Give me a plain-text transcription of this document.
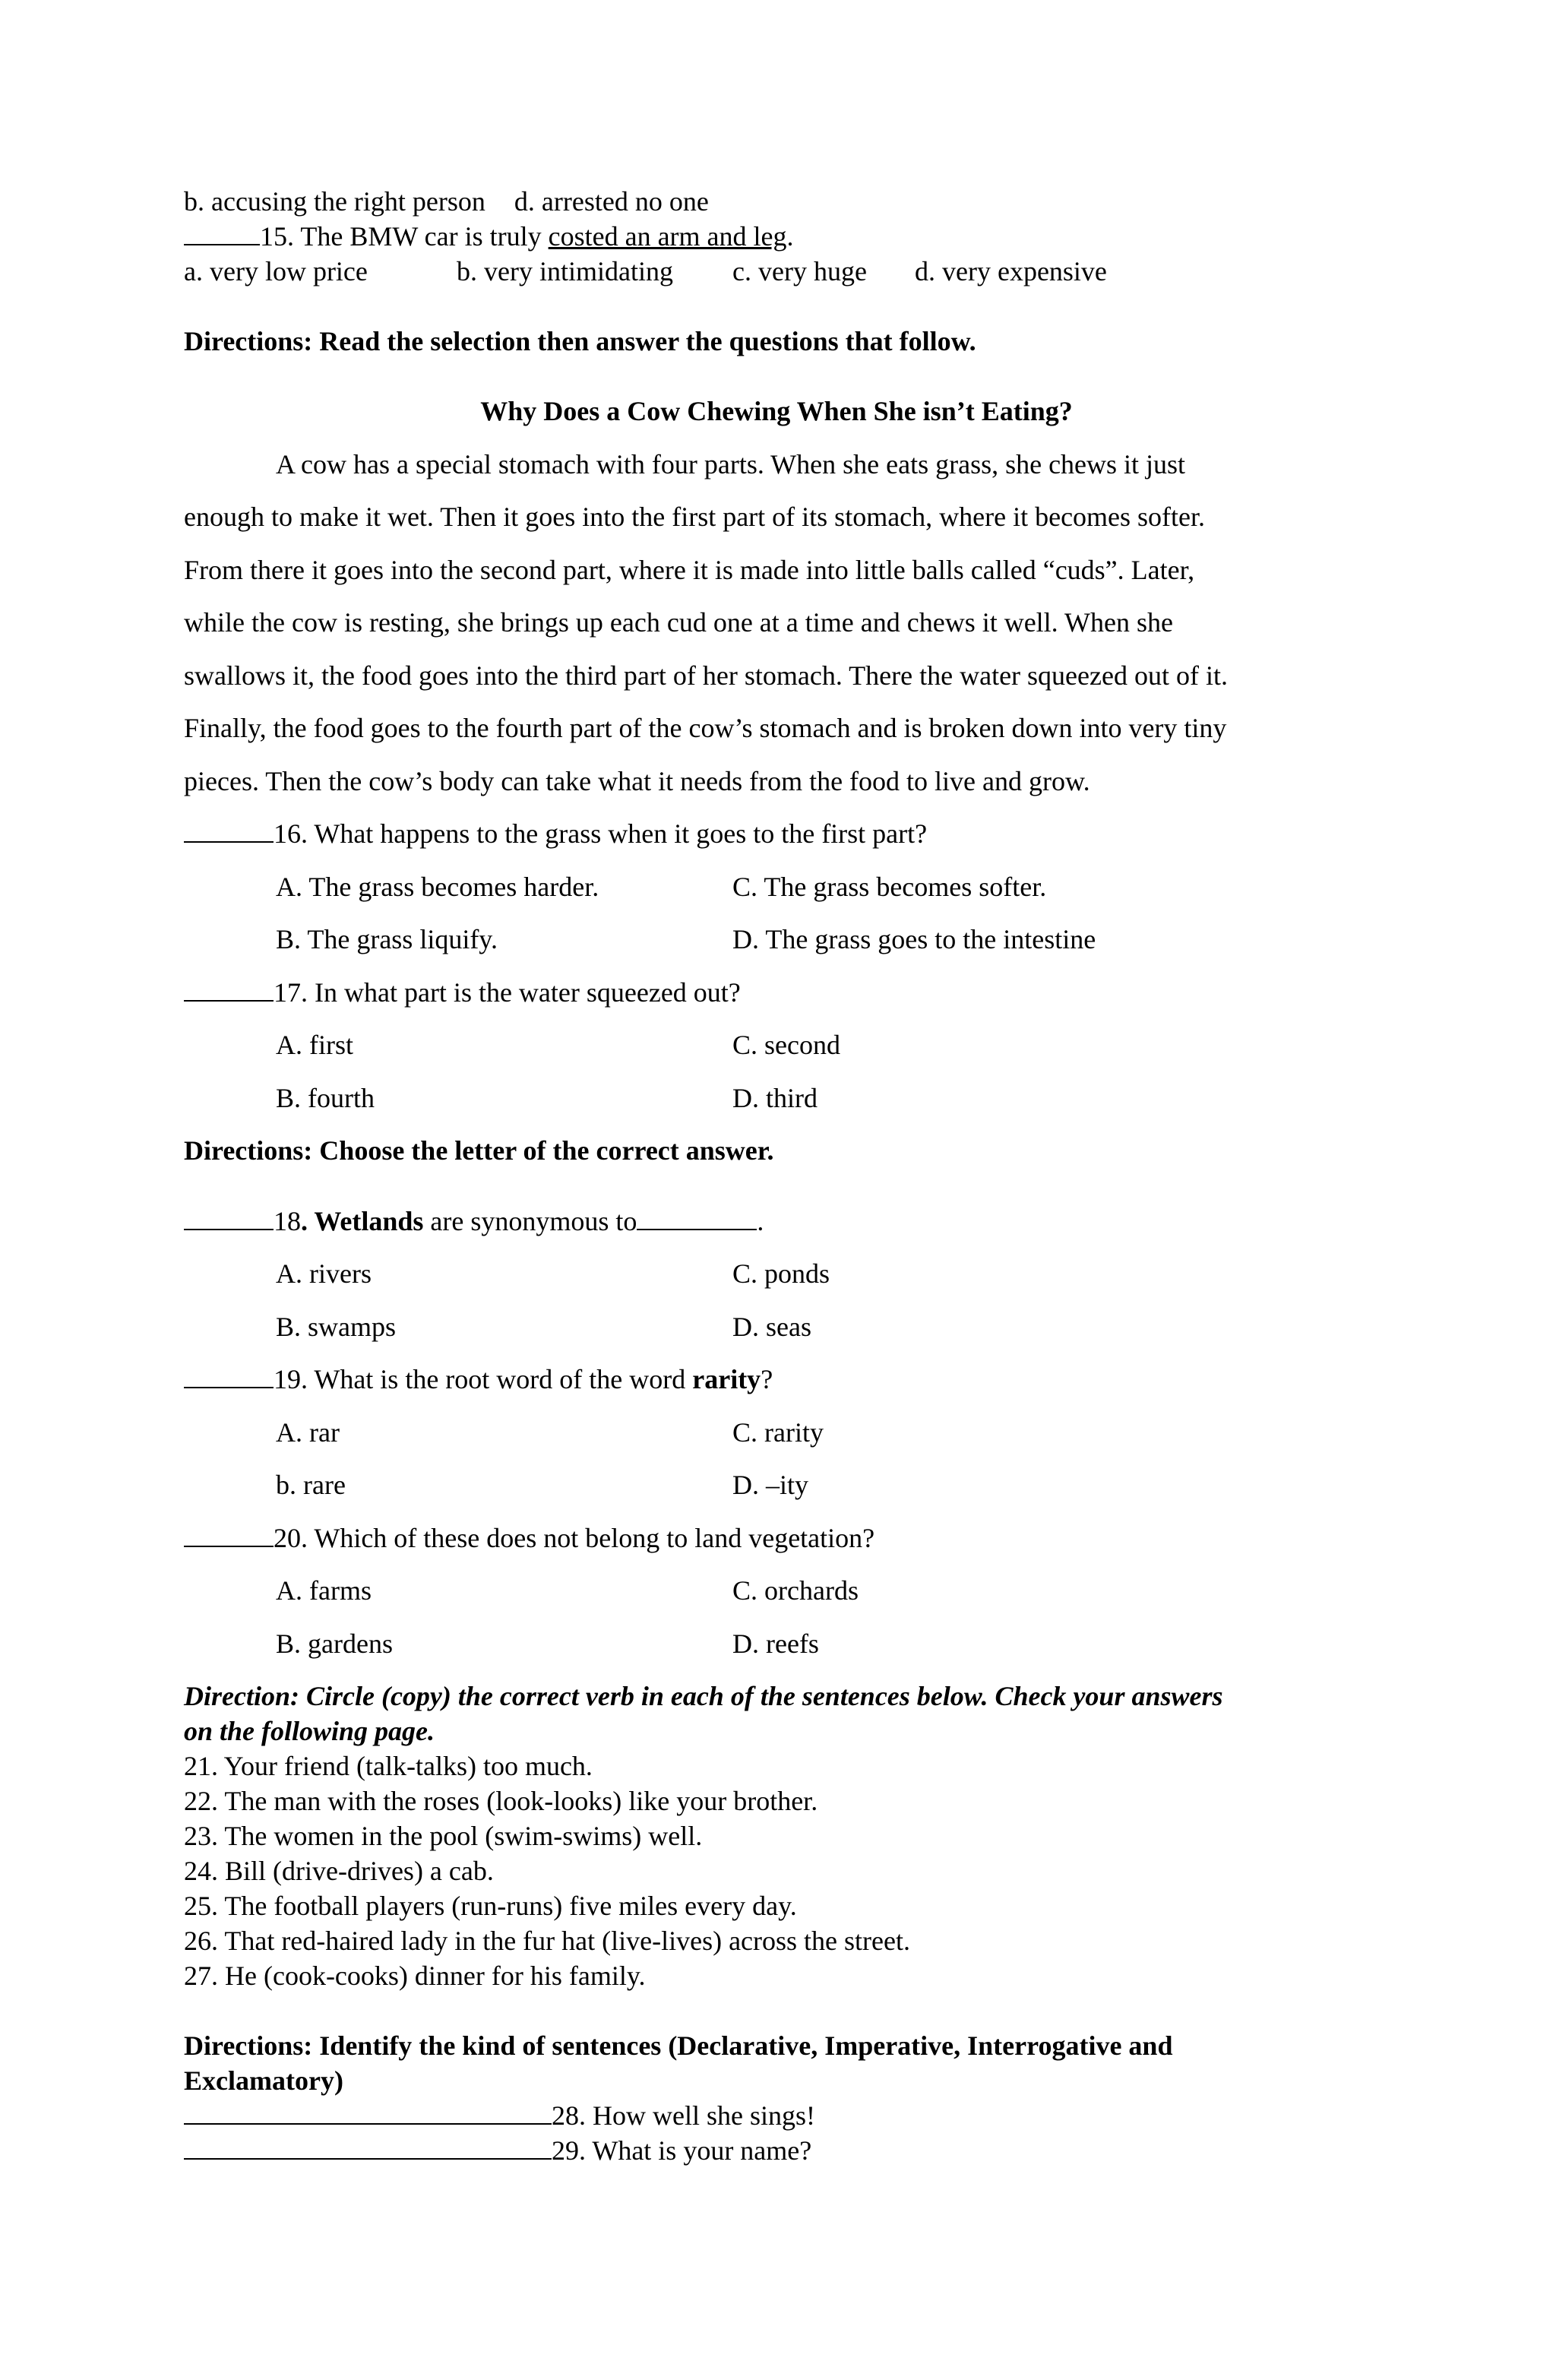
b. accusing the right person d. arrested no one
15. The BMW car is truly costed an arm and leg.
a. very low price	b. very intimidating c. very huge d. very expensive
Directions: Read the selection then answer the questions that follow.
Why Does a Cow Chewing When She isn’t Eating?
A cow has a special stomach with four parts. When she eats grass, she chews it just
enough to make it wet. Then it goes into the first part of its stomach, where it becomes softer.
From there it goes into the second part, where it is made into little balls called “cuds”. Later,
while the cow is resting, she brings up each cud one at a time and chews it well. When she
swallows it, the food goes into the third part of her stomach. There the water squeezed out of it.
Finally, the food goes to the fourth part of the cow’s stomach and is broken down into very tiny
pieces. Then the cow’s body can take what it needs from the food to live and grow.
16. What happens to the grass when it goes to the first part?
A. The grass becomes harder.	C. The grass becomes softer.
B. The grass liquify.	D. The grass goes to the intestine
17. In what part is the water squeezed out?
A. first	C. second
B. fourth	D. third
Directions: Choose the letter of the correct answer.
18. Wetlands are synonymous to	.
A. rivers	C. ponds
B. swamps	D. seas
19. What is the root word of the word rarity?
A. rar	C. rarity
b. rare	D. –ity
20. Which of these does not belong to land vegetation?
A. farms	C. orchards
B. gardens	D. reefs
Direction: Circle (copy) the correct verb in each of the sentences below. Check your answers
on the following page.
21. Your friend (talk-talks) too much.
22. The man with the roses (look-looks) like your brother.
23. The women in the pool (swim-swims) well.
24. Bill (drive-drives) a cab.
25. The football players (run-runs) five miles every day.
26. That red-haired lady in the fur hat (live-lives) across the street.
27. He (cook-cooks) dinner for his family.
Directions: Identify the kind of sentences (Declarative, Imperative, Interrogative and
Exclamatory)
28. How well she sings!
29. What is your name?
